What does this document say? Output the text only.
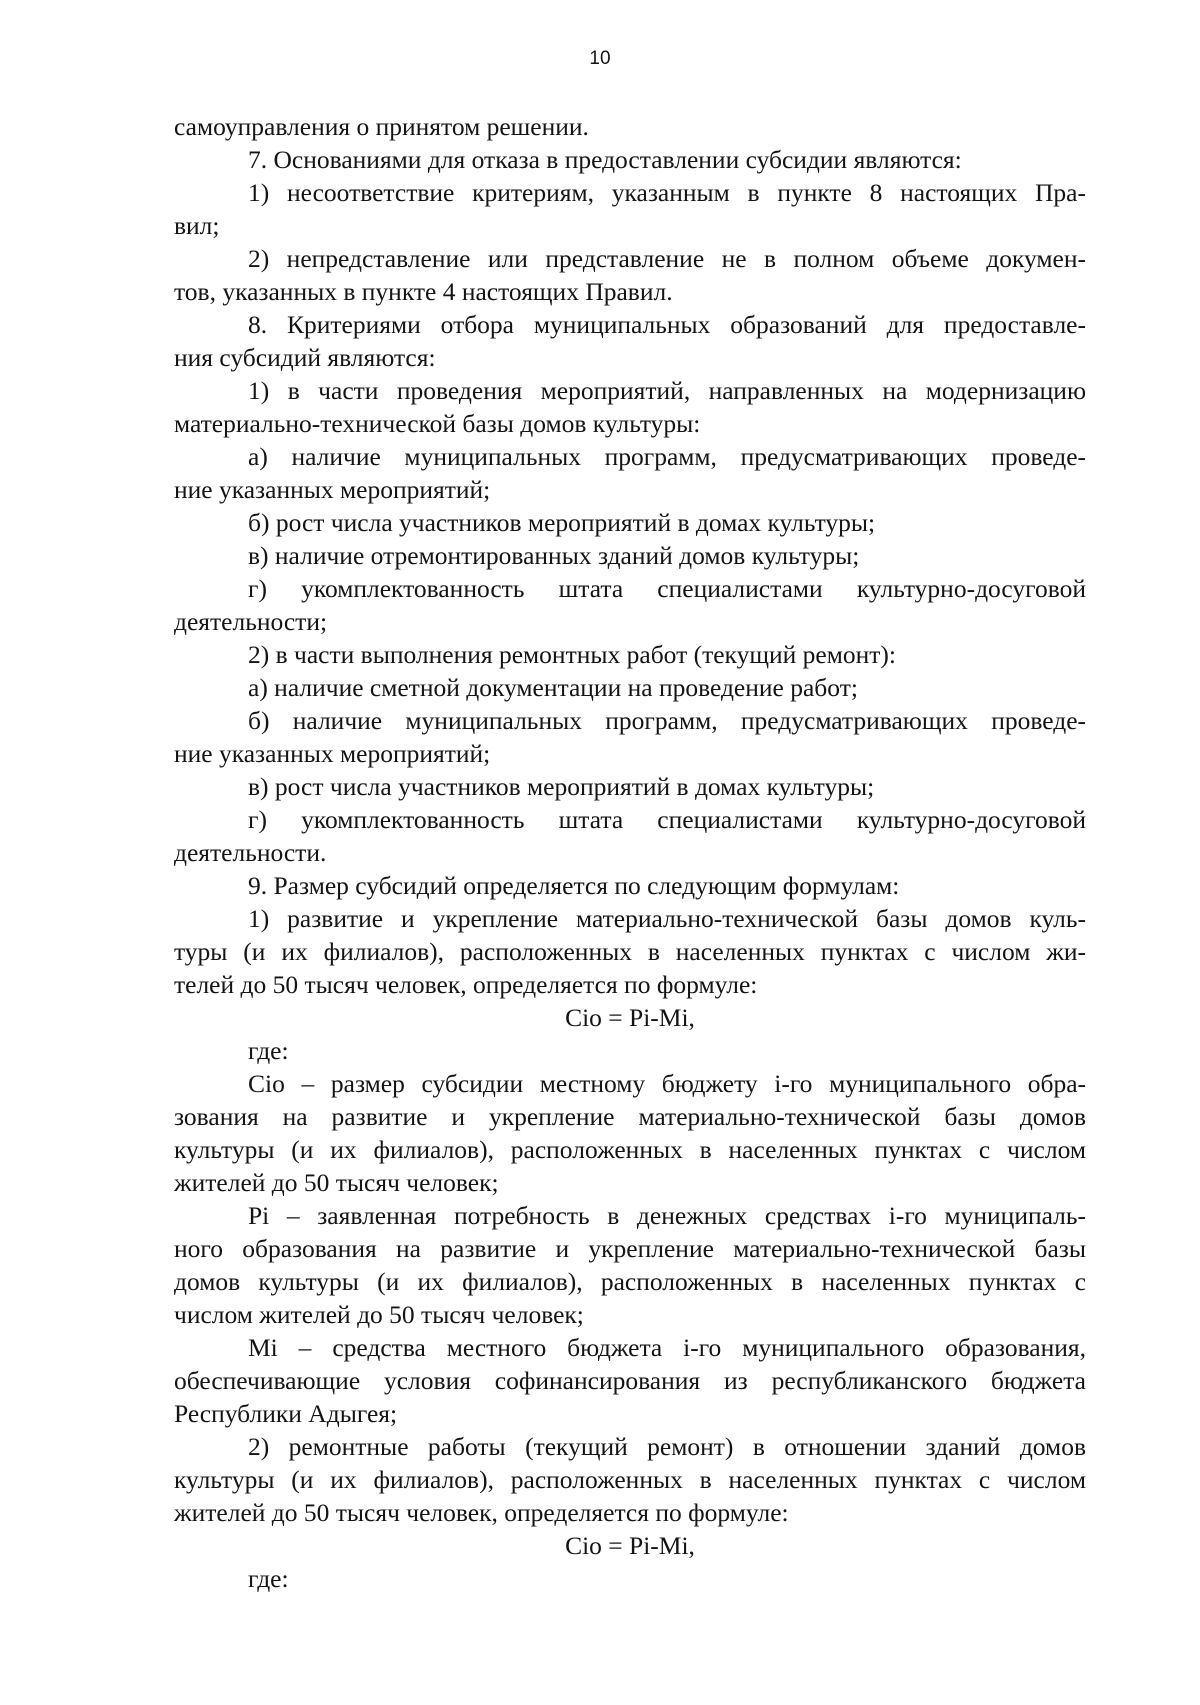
10
самоуправления о принятом решении.
7. Основаниями для отказа в предоставлении субсидии являются:
1) несоответствие критериям, указанным в пункте 8 настоящих Пра-
вил;
2) непредставление или представление не в полном объеме докумен-
тов, указанных в пункте 4 настоящих Правил.
8. Критериями отбора муниципальных образований для предоставле-
ния субсидий являются:
1) в части проведения мероприятий, направленных на модернизацию
материально-технической базы домов культуры:
а) наличие муниципальных программ, предусматривающих проведе-
ние указанных мероприятий;
б) рост числа участников мероприятий в домах культуры;
в) наличие отремонтированных зданий домов культуры;
г) укомплектованность штата специалистами культурно-досуговой
деятельности;
2) в части выполнения ремонтных работ (текущий ремонт):
а) наличие сметной документации на проведение работ;
б) наличие муниципальных программ, предусматривающих проведе-
ние указанных мероприятий;
в) рост числа участников мероприятий в домах культуры;
г) укомплектованность штата специалистами культурно-досуговой
деятельности.
9. Размер субсидий определяется по следующим формулам:
1) развитие и укрепление материально-технической базы домов куль-
туры (и их филиалов), расположенных в населенных пунктах с числом жи-
телей до 50 тысяч человек, определяется по формуле:
Сiо = Рi-Мi,
где:
Сiо – размер субсидии местному бюджету i-го муниципального обра-
зования на развитие и укрепление материально-технической базы домов
культуры (и их филиалов), расположенных в населенных пунктах с числом
жителей до 50 тысяч человек;
Рi – заявленная потребность в денежных средствах i-го муниципаль-
ного образования на развитие и укрепление материально-технической базы
домов культуры (и их филиалов), расположенных в населенных пунктах с
числом жителей до 50 тысяч человек;
Мi – средства местного бюджета i-го муниципального образования,
обеспечивающие условия софинансирования из республиканского бюджета
Республики Адыгея;
2) ремонтные работы (текущий ремонт) в отношении зданий домов
культуры (и их филиалов), расположенных в населенных пунктах с числом
жителей до 50 тысяч человек, определяется по формуле:
Сiо = Рi-Мi,
где:
